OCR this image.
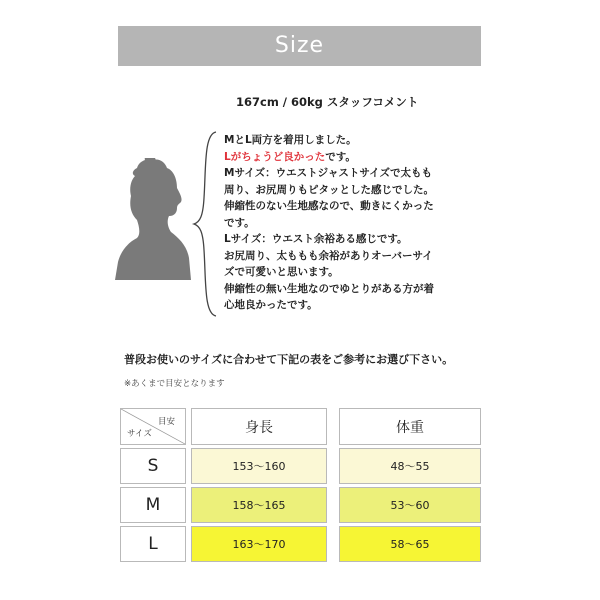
Size
167cm / 60kg スタッフコメント
MとL両方を着用しました。
Lがちょうど良かったです。
Mサイズ：ウエストジャストサイズで太もも
周り、お尻周りもピタッとした感じでした。
伸縮性のない生地感なので、動きにくかった
です。
Lサイズ：ウエスト余裕ある感じです。
お尻周り、太ももも余裕がありオーバーサイ
ズで可愛いと思います。
伸縮性の無い生地なのでゆとりがある方が着
心地良かったです。
普段お使いのサイズに合わせて下記の表をご参考にお選び下さい。
※あくまで目安となります
目安
サイズ	身長	体重
S	153〜160	48〜55
M	158〜165	53〜60
L	163〜170	58〜65
